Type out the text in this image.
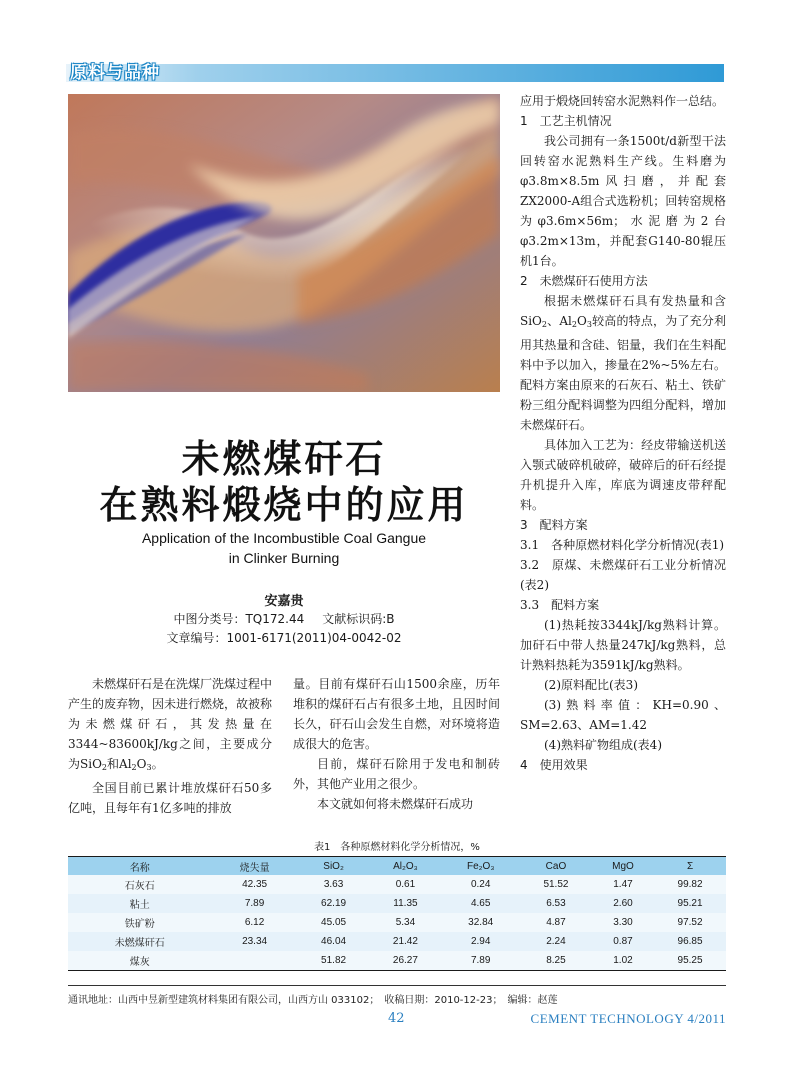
原料与品种
未燃煤矸石
在熟料煅烧中的应用
Application of the Incombustible Coal Gangue
in Clinker Burning
安嘉贵
中图分类号：TQ172.44 文献标识码:B
文章编号：1001-6171(2011)04-0042-02

未燃煤矸石是在洗煤厂洗煤过程中产生的废弃物，因未进行燃烧，故被称为未燃煤矸石，其发热量在3344~83600kJ/kg之间，主要成分为SiO2和Al2O3。

全国目前已累计堆放煤矸石50多亿吨，且每年有1亿多吨的排放

量。目前有煤矸石山1500余座，历年堆积的煤矸石占有很多土地，且因时间长久，矸石山会发生自燃，对环境将造成很大的危害。

目前，煤矸石除用于发电和制砖外，其他产业用之很少。

本文就如何将未燃煤矸石成功

应用于煅烧回转窑水泥熟料作一总结。

1　工艺主机情况

我公司拥有一条1500t/d新型干法回转窑水泥熟料生产线。生料磨为φ3.8m×8.5m风扫磨，并配套ZX2000-A组合式选粉机；回转窑规格为φ3.6m×56m；水泥磨为2台φ3.2m×13m，并配套G140-80辊压机1台。

2　未燃煤矸石使用方法

根据未燃煤矸石具有发热量和含SiO2、Al2O3较高的特点，为了充分利用其热量和含硅、铝量，我们在生料配料中予以加入，掺量在2%~5%左右。配料方案由原来的石灰石、粘土、铁矿粉三组分配料调整为四组分配料，增加未燃煤矸石。

具体加入工艺为：经皮带输送机送入颚式破碎机破碎，破碎后的矸石经提升机提升入库，库底为调速皮带秤配料。

3　配料方案

3.1　各种原燃材料化学分析情况(表1)

3.2　原煤、未燃煤矸石工业分析情况(表2)

3.3　配料方案

(1)热耗按3344kJ/kg熟料计算。加矸石中带人热量247kJ/kg熟料，总计熟料热耗为3591kJ/kg熟料。

(2)原料配比(表3)

(3)熟料率值：KH=0.90、SM=2.63、AM=1.42

(4)熟料矿物组成(表4)

4　使用效果

表1　各种原燃材料化学分析情况，%
名称	烧失量	SiO₂	Al₂O₃	Fe₂O₃	CaO	MgO	Σ
石灰石	42.35	3.63	0.61	0.24	51.52	1.47	99.82
粘土	7.89	62.19	11.35	4.65	6.53	2.60	95.21
铁矿粉	6.12	45.05	5.34	32.84	4.87	3.30	97.52
未燃煤矸石	23.34	46.04	21.42	2.94	2.24	0.87	96.85
煤灰		51.82	26.27	7.89	8.25	1.02	95.25
通讯地址：山西中昱新型建筑材料集团有限公司，山西方山 033102；　收稿日期：2010-12-23；　编辑：赵莲
42	CEMENT TECHNOLOGY 4/2011
